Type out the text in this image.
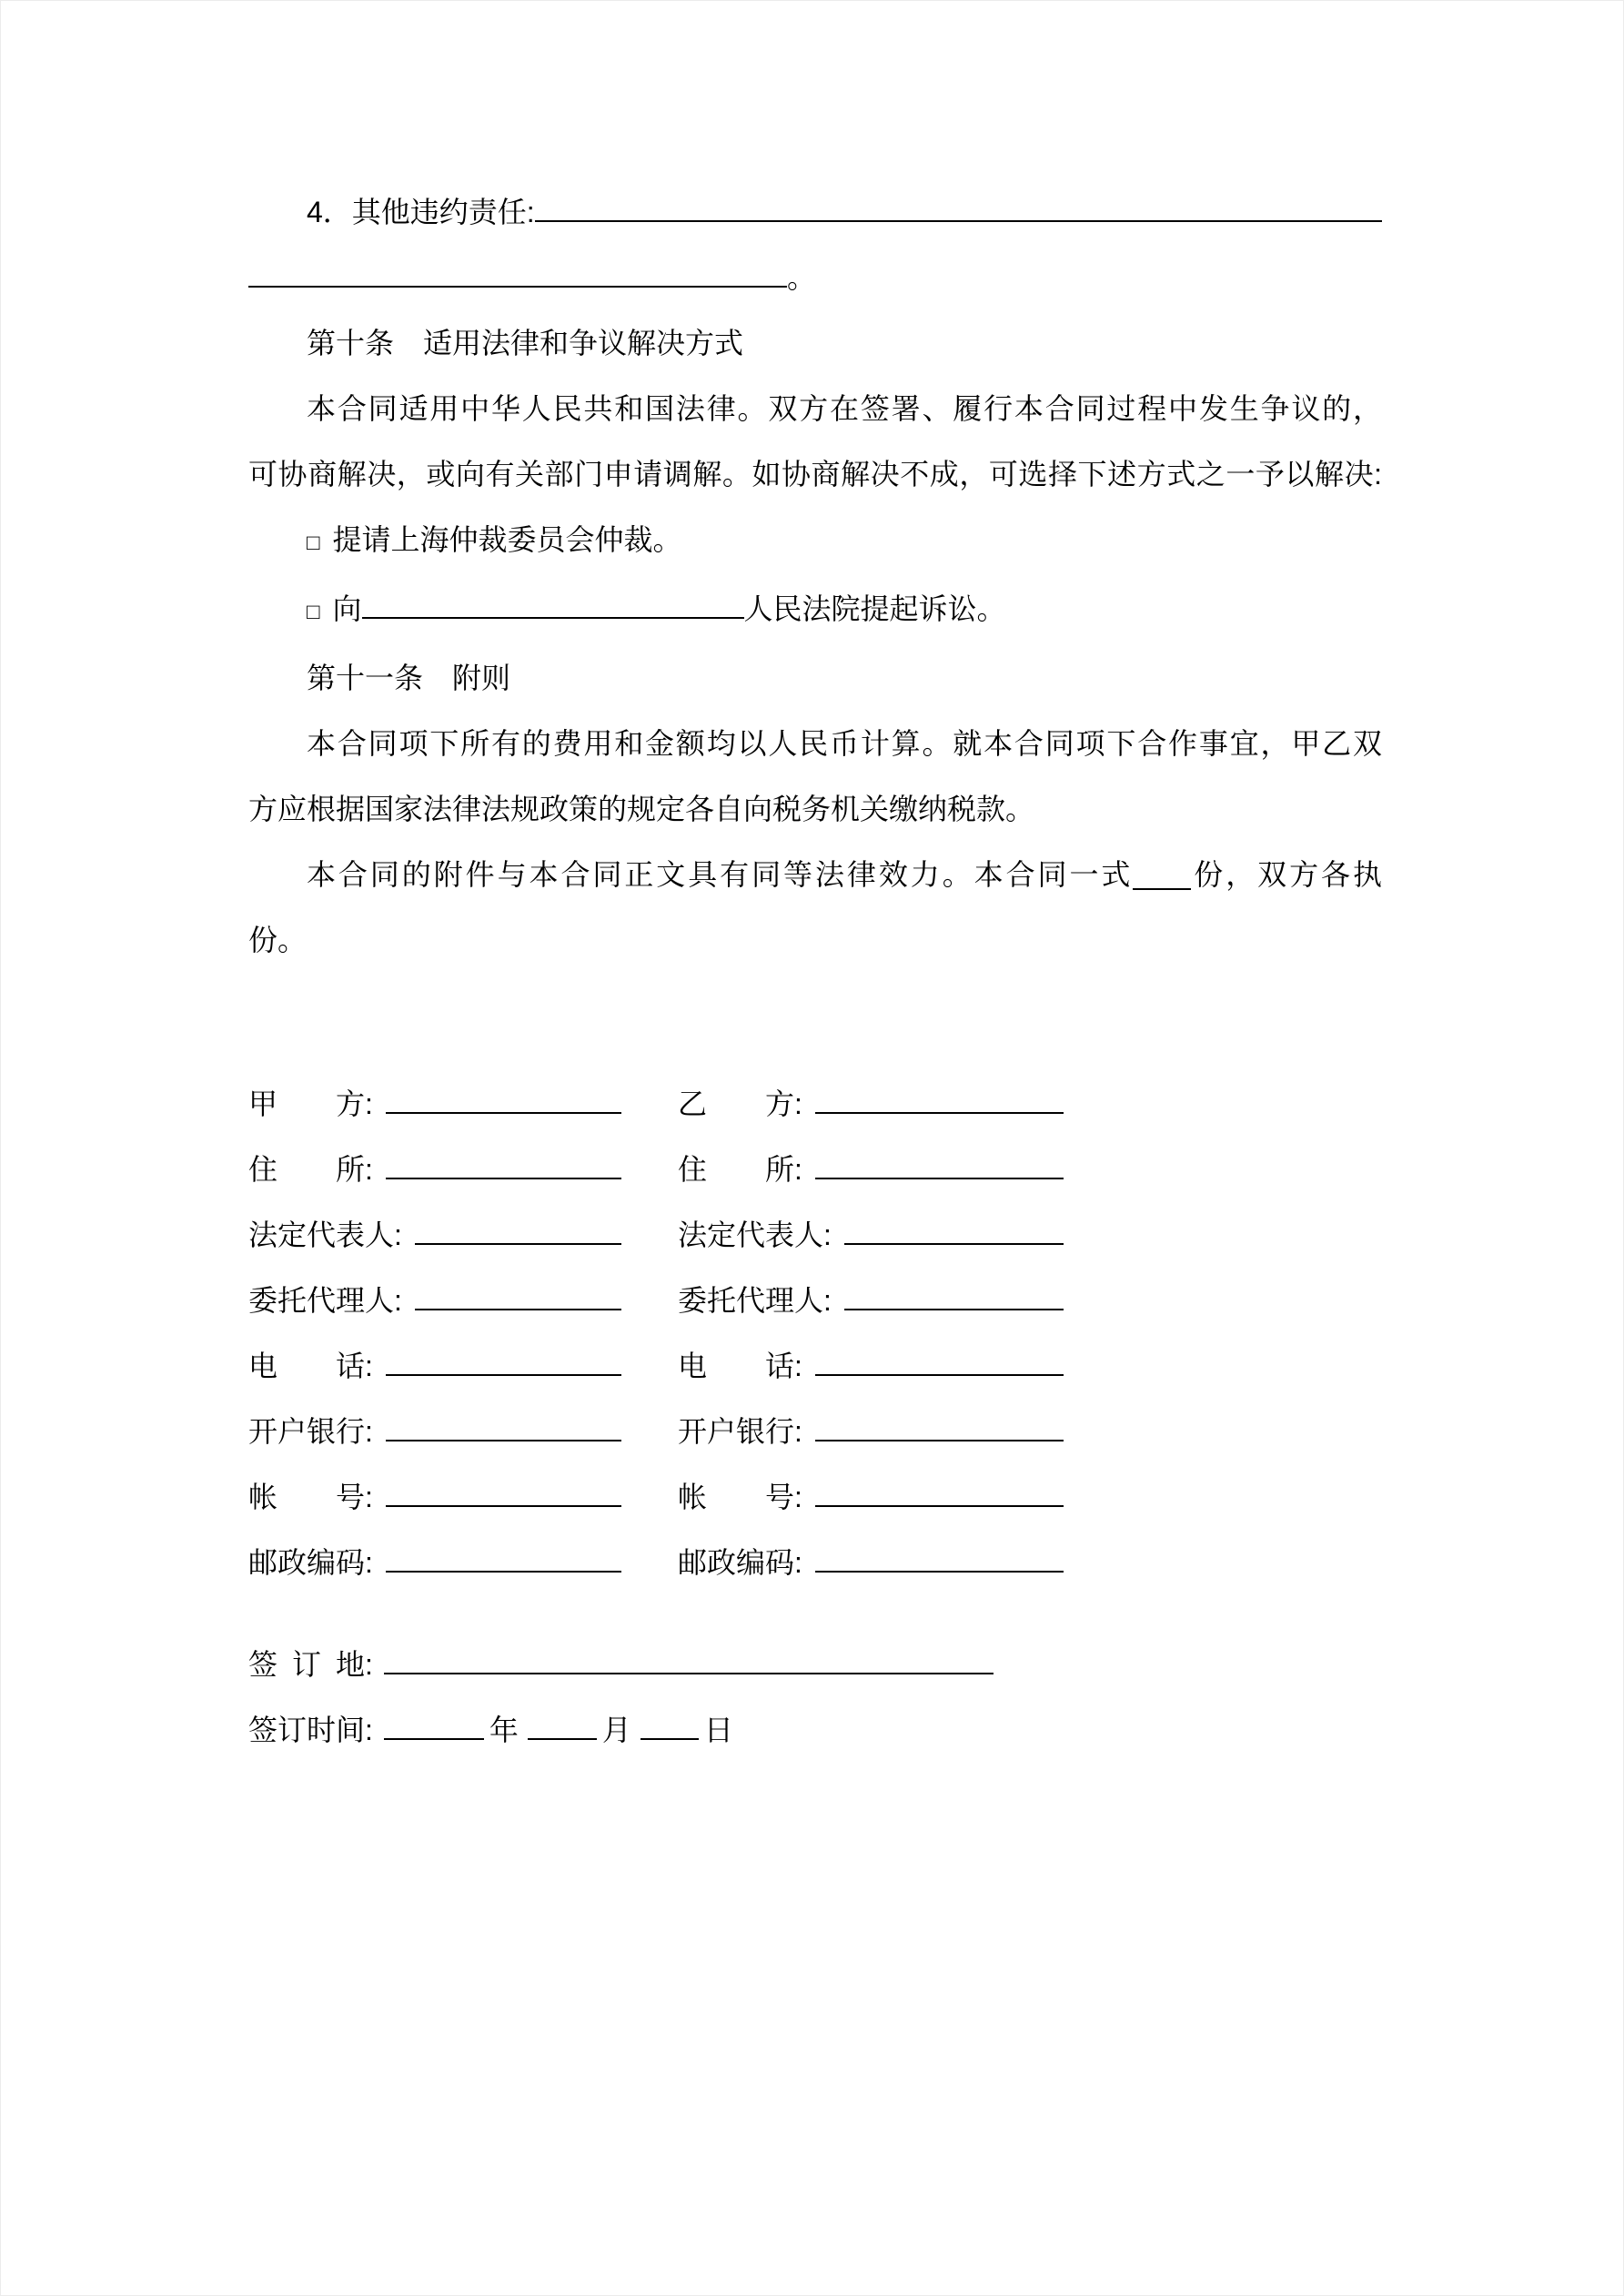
4．其他违约责任:
。

第十条　适用法律和争议解决方式

本合同适用中华人民共和国法律。双方在签署、履行本合同过程中发生争议的，

可协商解决，或向有关部门申请调解。如协商解决不成，可选择下述方式之一予以解决:

□ 提请上海仲裁委员会仲裁。

□ 向	人民法院提起诉讼。

第十一条　附则

本合同项下所有的费用和金额均以人民币计算。就本合同项下合作事宜，甲乙双

方应根据国家法律法规政策的规定各自向税务机关缴纳税款。

本合同的附件与本合同正文具有同等法律效力。本合同一式 份，双方各执

份。

甲方 :	乙方 :
住所 :	住所 :
法定代表人 :	法定代表人 :
委托代理人 :	委托代理人 :
电话 :	电话 :
开户银行 :	开户银行 :
帐号 :	帐号 :
邮政编码 :	邮政编码 :
签订地 :
签订时间 :	年	月	日
